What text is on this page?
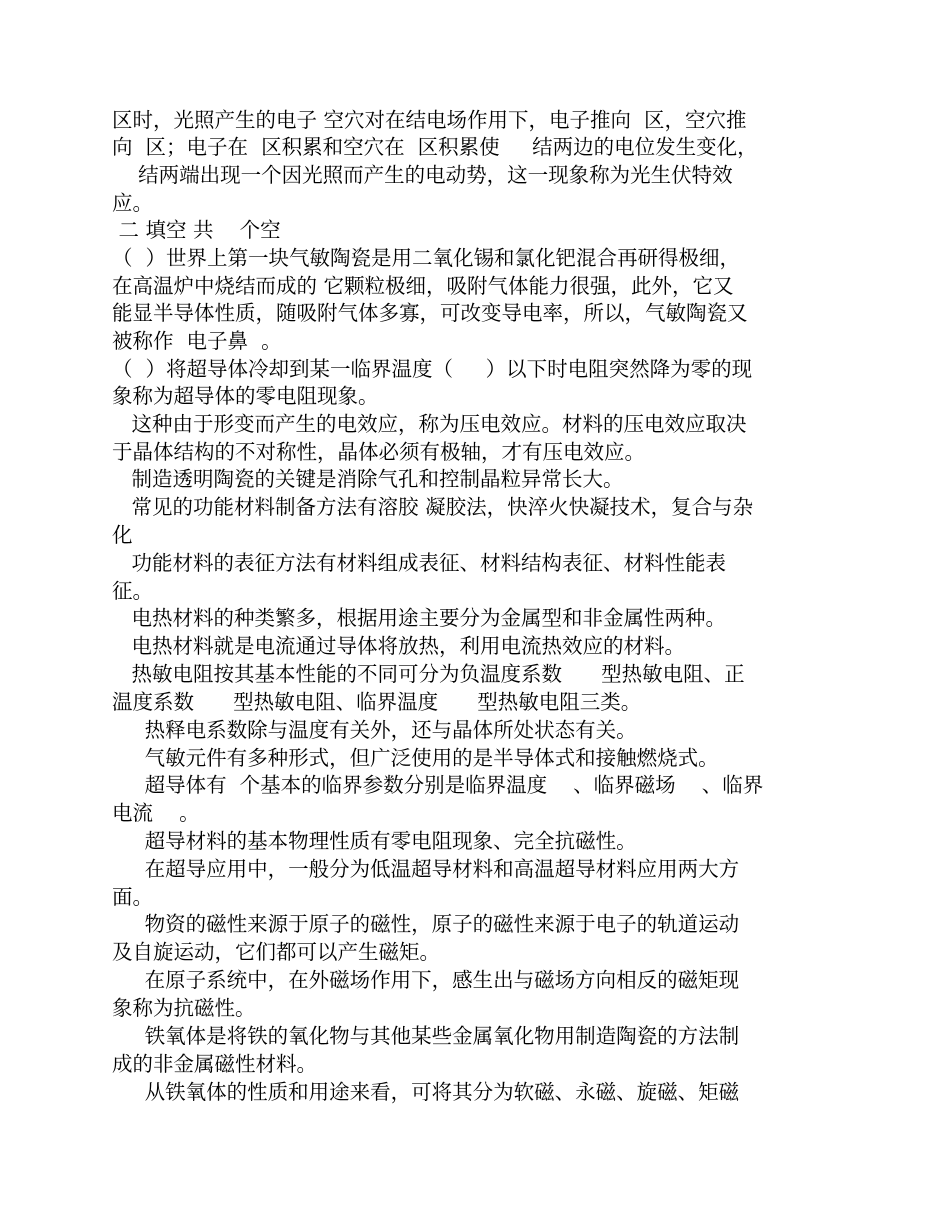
区时，光照产生的电子 空穴对在结电场作用下，电子推向  区，空穴推
向  区；电子在  区积累和空穴在  区积累使     结两边的电位发生变化，
结两端出现一个因光照而产生的电动势，这一现象称为光生伏特效
应。
二 填空 共    个空
（  ）世界上第一块气敏陶瓷是用二氧化锡和氯化钯混合再研得极细，
在高温炉中烧结而成的 它颗粒极细，吸附气体能力很强，此外，它又
能显半导体性质，随吸附气体多寡，可改变导电率，所以，气敏陶瓷又
被称作  电子鼻  。
（  ）将超导体冷却到某一临界温度（     ）以下时电阻突然降为零的现
象称为超导体的零电阻现象。
这种由于形变而产生的电效应，称为压电效应。材料的压电效应取决
于晶体结构的不对称性，晶体必须有极轴，才有压电效应。
制造透明陶瓷的关键是消除气孔和控制晶粒异常长大。
常见的功能材料制备方法有溶胶 凝胶法，快淬火快凝技术，复合与杂
化
功能材料的表征方法有材料组成表征、材料结构表征、材料性能表
征。
电热材料的种类繁多，根据用途主要分为金属型和非金属性两种。
电热材料就是电流通过导体将放热，利用电流热效应的材料。
热敏电阻按其基本性能的不同可分为负温度系数      型热敏电阻、正
温度系数      型热敏电阻、临界温度      型热敏电阻三类。
热释电系数除与温度有关外，还与晶体所处状态有关。
气敏元件有多种形式，但广泛使用的是半导体式和接触燃烧式。
超导体有  个基本的临界参数分别是临界温度    、临界磁场    、临界
电流    。
超导材料的基本物理性质有零电阻现象、完全抗磁性。
在超导应用中，一般分为低温超导材料和高温超导材料应用两大方
面。
物资的磁性来源于原子的磁性，原子的磁性来源于电子的轨道运动
及自旋运动，它们都可以产生磁矩。
在原子系统中，在外磁场作用下，感生出与磁场方向相反的磁矩现
象称为抗磁性。
铁氧体是将铁的氧化物与其他某些金属氧化物用制造陶瓷的方法制
成的非金属磁性材料。
从铁氧体的性质和用途来看，可将其分为软磁、永磁、旋磁、矩磁
